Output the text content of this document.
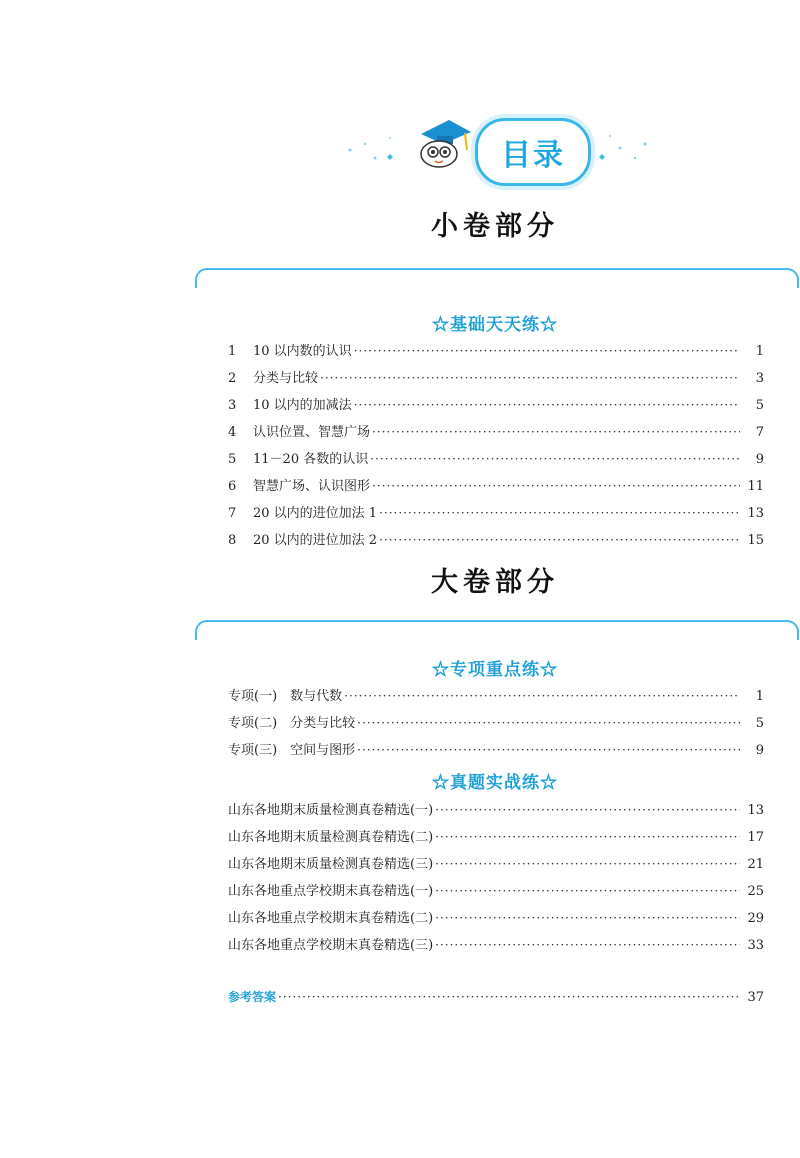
目录
小卷部分
☆基础天天练☆
1	10 以内数的认识 ·····	1
2	分类与比较 ·····	3
3	10 以内的加减法 ·····	5
4	认识位置、智慧广场 ·····	7
5	11－20 各数的认识 ·····	9
6	智慧广场、认识图形 ·····	11
7	20 以内的进位加法 1 ·····	13
8	20 以内的进位加法 2 ·····	15
大卷部分
☆专项重点练☆
专项(一)　数与代数 ·····	1
专项(二)　分类与比较 ·····	5
专项(三)　空间与图形 ·····	9
☆真题实战练☆
山东各地期末质量检测真卷精选(一) ·····	13
山东各地期末质量检测真卷精选(二) ·····	17
山东各地期末质量检测真卷精选(三) ·····	21
山东各地重点学校期末真卷精选(一) ·····	25
山东各地重点学校期末真卷精选(二) ·····	29
山东各地重点学校期末真卷精选(三) ·····	33
参考答案 ·····	37
